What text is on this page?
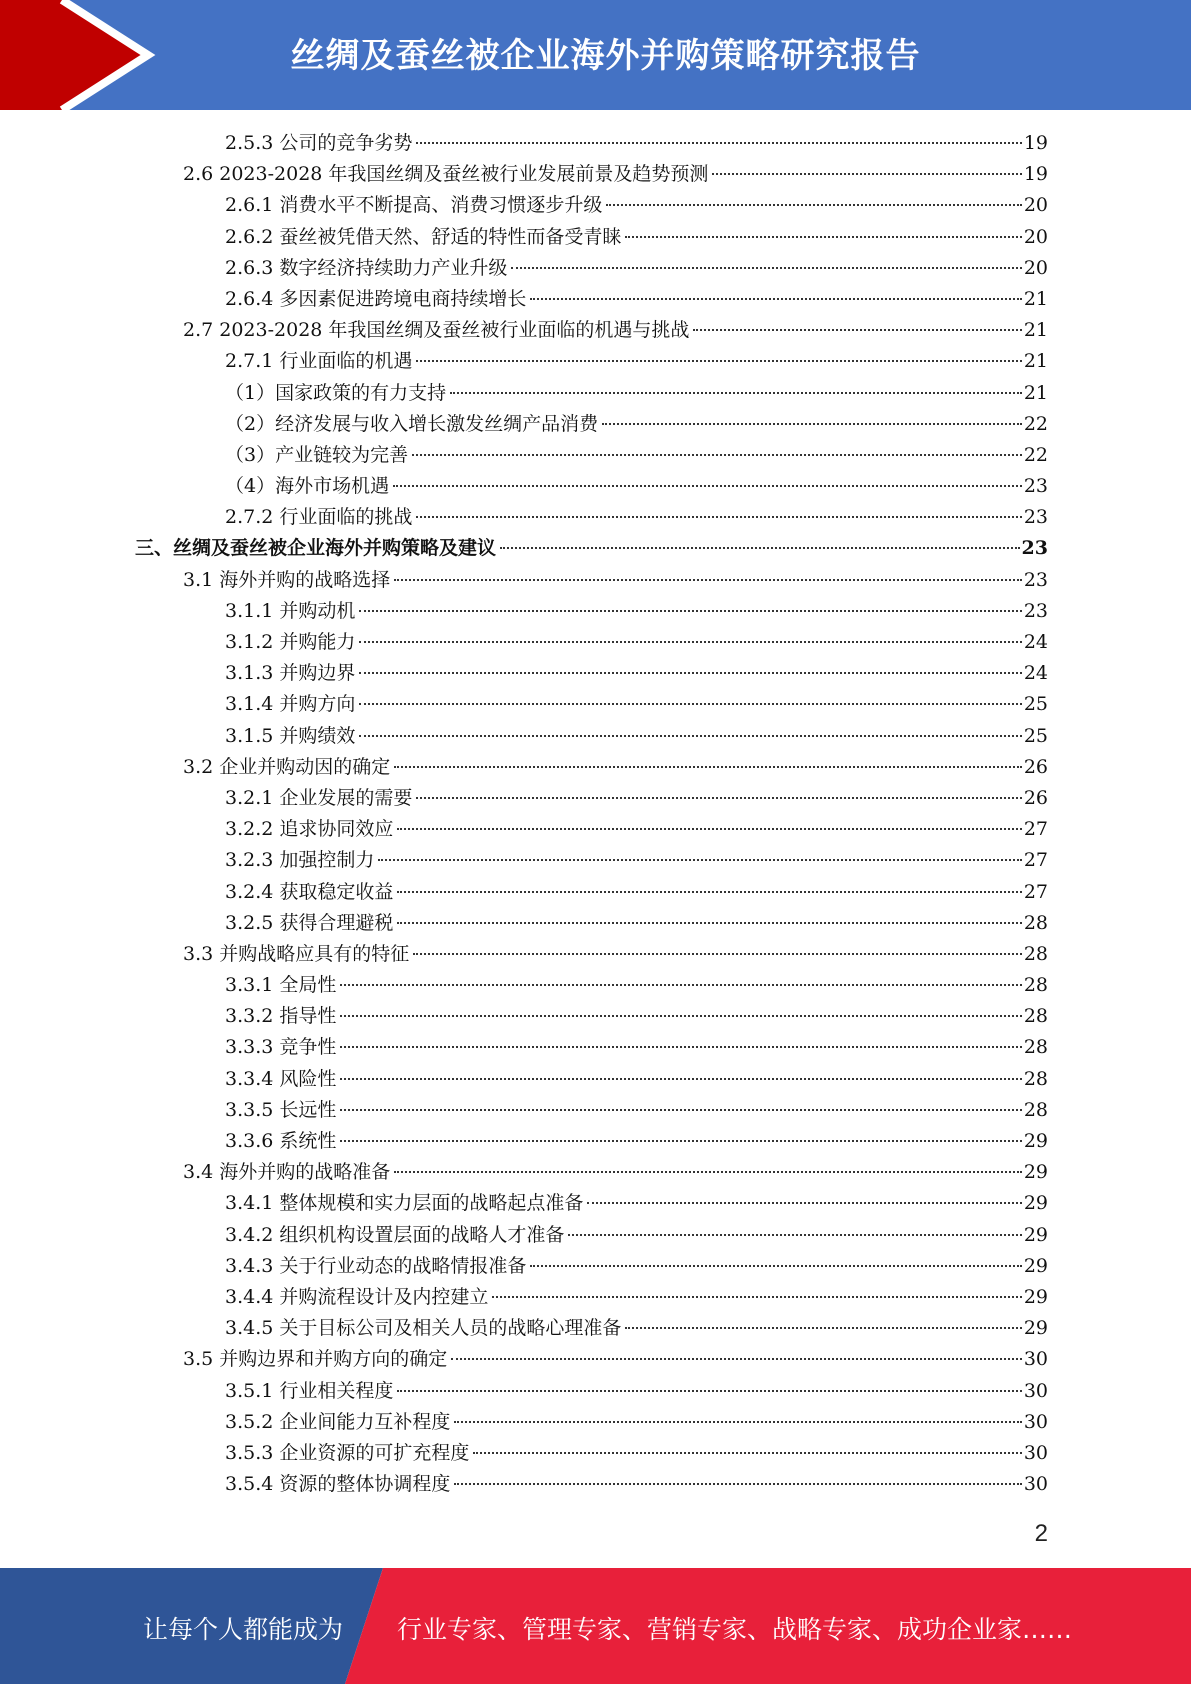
丝绸及蚕丝被企业海外并购策略研究报告
2.5.3 公司的竞争劣势	19
2.6 2023-2028 年我国丝绸及蚕丝被行业发展前景及趋势预测	19
2.6.1 消费水平不断提高、消费习惯逐步升级	20
2.6.2 蚕丝被凭借天然、舒适的特性而备受青睐	20
2.6.3 数字经济持续助力产业升级	20
2.6.4 多因素促进跨境电商持续增长	21
2.7 2023-2028 年我国丝绸及蚕丝被行业面临的机遇与挑战	21
2.7.1 行业面临的机遇	21
（1）国家政策的有力支持	21
（2）经济发展与收入增长激发丝绸产品消费	22
（3）产业链较为完善	22
（4）海外市场机遇	23
2.7.2 行业面临的挑战	23
三、丝绸及蚕丝被企业海外并购策略及建议	23
3.1 海外并购的战略选择	23
3.1.1 并购动机	23
3.1.2 并购能力	24
3.1.3 并购边界	24
3.1.4 并购方向	25
3.1.5 并购绩效	25
3.2 企业并购动因的确定	26
3.2.1 企业发展的需要	26
3.2.2 追求协同效应	27
3.2.3 加强控制力	27
3.2.4 获取稳定收益	27
3.2.5 获得合理避税	28
3.3 并购战略应具有的特征	28
3.3.1 全局性	28
3.3.2 指导性	28
3.3.3 竞争性	28
3.3.4 风险性	28
3.3.5 长远性	28
3.3.6 系统性	29
3.4 海外并购的战略准备	29
3.4.1 整体规模和实力层面的战略起点准备	29
3.4.2 组织机构设置层面的战略人才准备	29
3.4.3 关于行业动态的战略情报准备	29
3.4.4 并购流程设计及内控建立	29
3.4.5 关于目标公司及相关人员的战略心理准备	29
3.5 并购边界和并购方向的确定	30
3.5.1 行业相关程度	30
3.5.2 企业间能力互补程度	30
3.5.3 企业资源的可扩充程度	30
3.5.4 资源的整体协调程度	30
2
让每个人都能成为 行业专家、管理专家、营销专家、战略专家、成功企业家……
